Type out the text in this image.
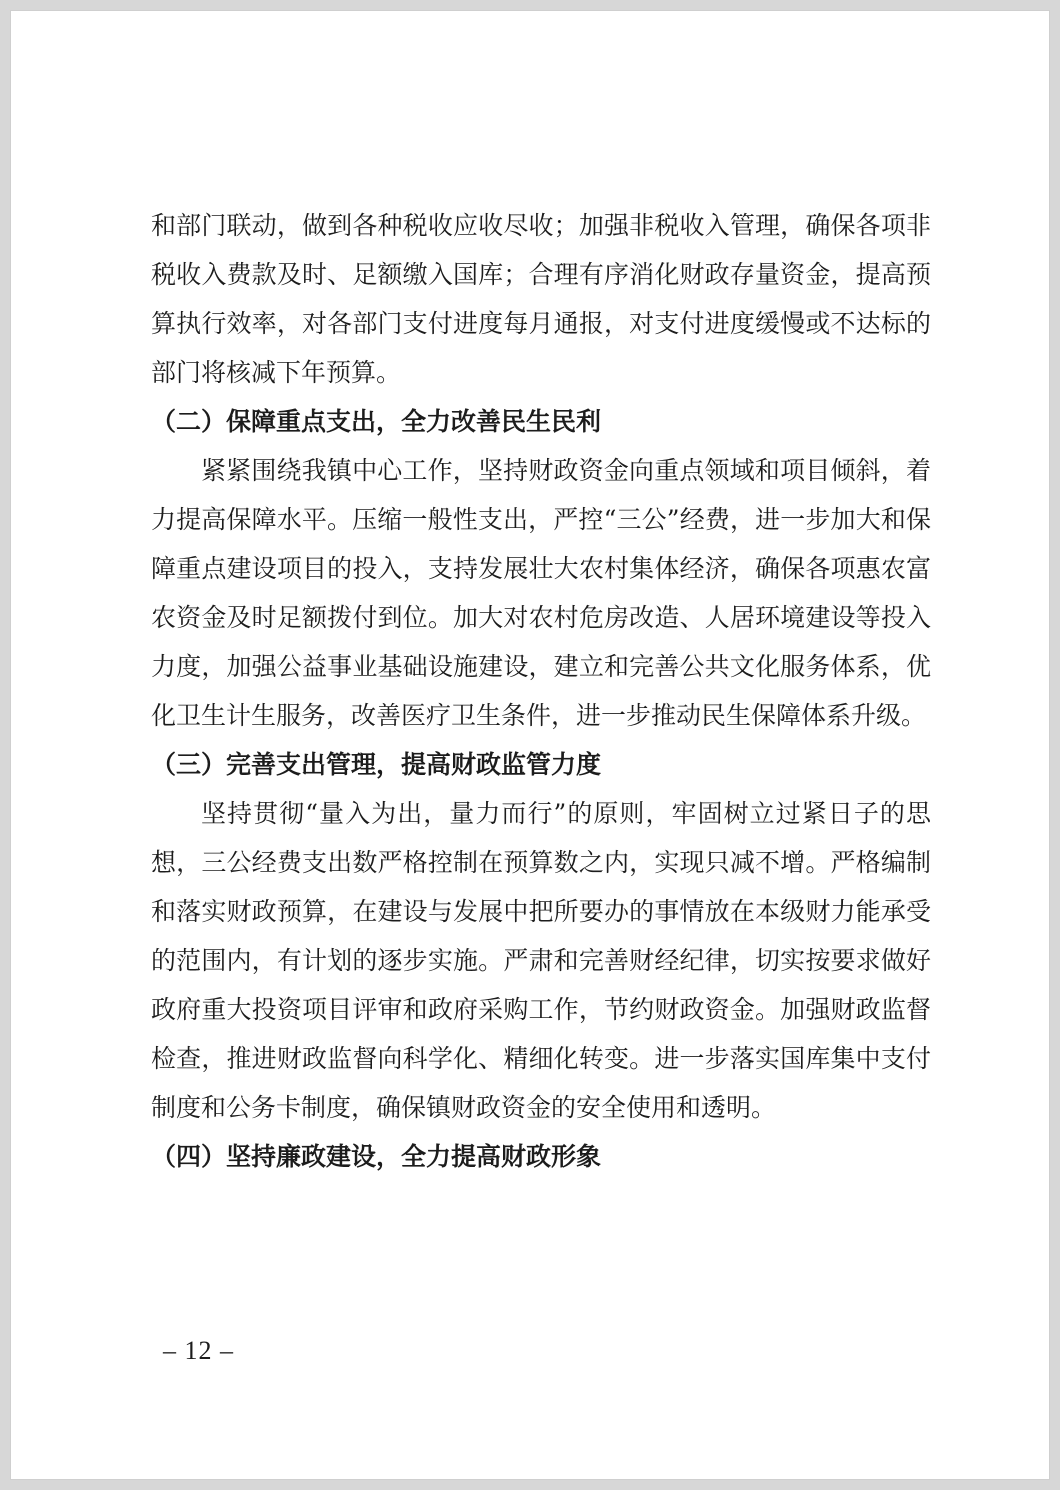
和部门联动，做到各种税收应收尽收；加强非税收入管理，确保各项非税收入费款及时、足额缴入国库；合理有序消化财政存量资金，提高预算执行效率，对各部门支付进度每月通报，对支付进度缓慢或不达标的部门将核减下年预算。

（二）保障重点支出，全力改善民生民利

紧紧围绕我镇中心工作，坚持财政资金向重点领域和项目倾斜，着力提高保障水平。压缩一般性支出，严控“三公”经费，进一步加大和保障重点建设项目的投入，支持发展壮大农村集体经济，确保各项惠农富农资金及时足额拨付到位。加大对农村危房改造、人居环境建设等投入力度，加强公益事业基础设施建设，建立和完善公共文化服务体系，优化卫生计生服务，改善医疗卫生条件，进一步推动民生保障体系升级。

（三）完善支出管理，提高财政监管力度

坚持贯彻“量入为出，量力而行”的原则，牢固树立过紧日子的思想，三公经费支出数严格控制在预算数之内，实现只减不增。严格编制和落实财政预算，在建设与发展中把所要办的事情放在本级财力能承受的范围内，有计划的逐步实施。严肃和完善财经纪律，切实按要求做好政府重大投资项目评审和政府采购工作，节约财政资金。加强财政监督检查，推进财政监督向科学化、精细化转变。进一步落实国库集中支付制度和公务卡制度，确保镇财政资金的安全使用和透明。

（四）坚持廉政建设，全力提高财政形象

– 12 –
